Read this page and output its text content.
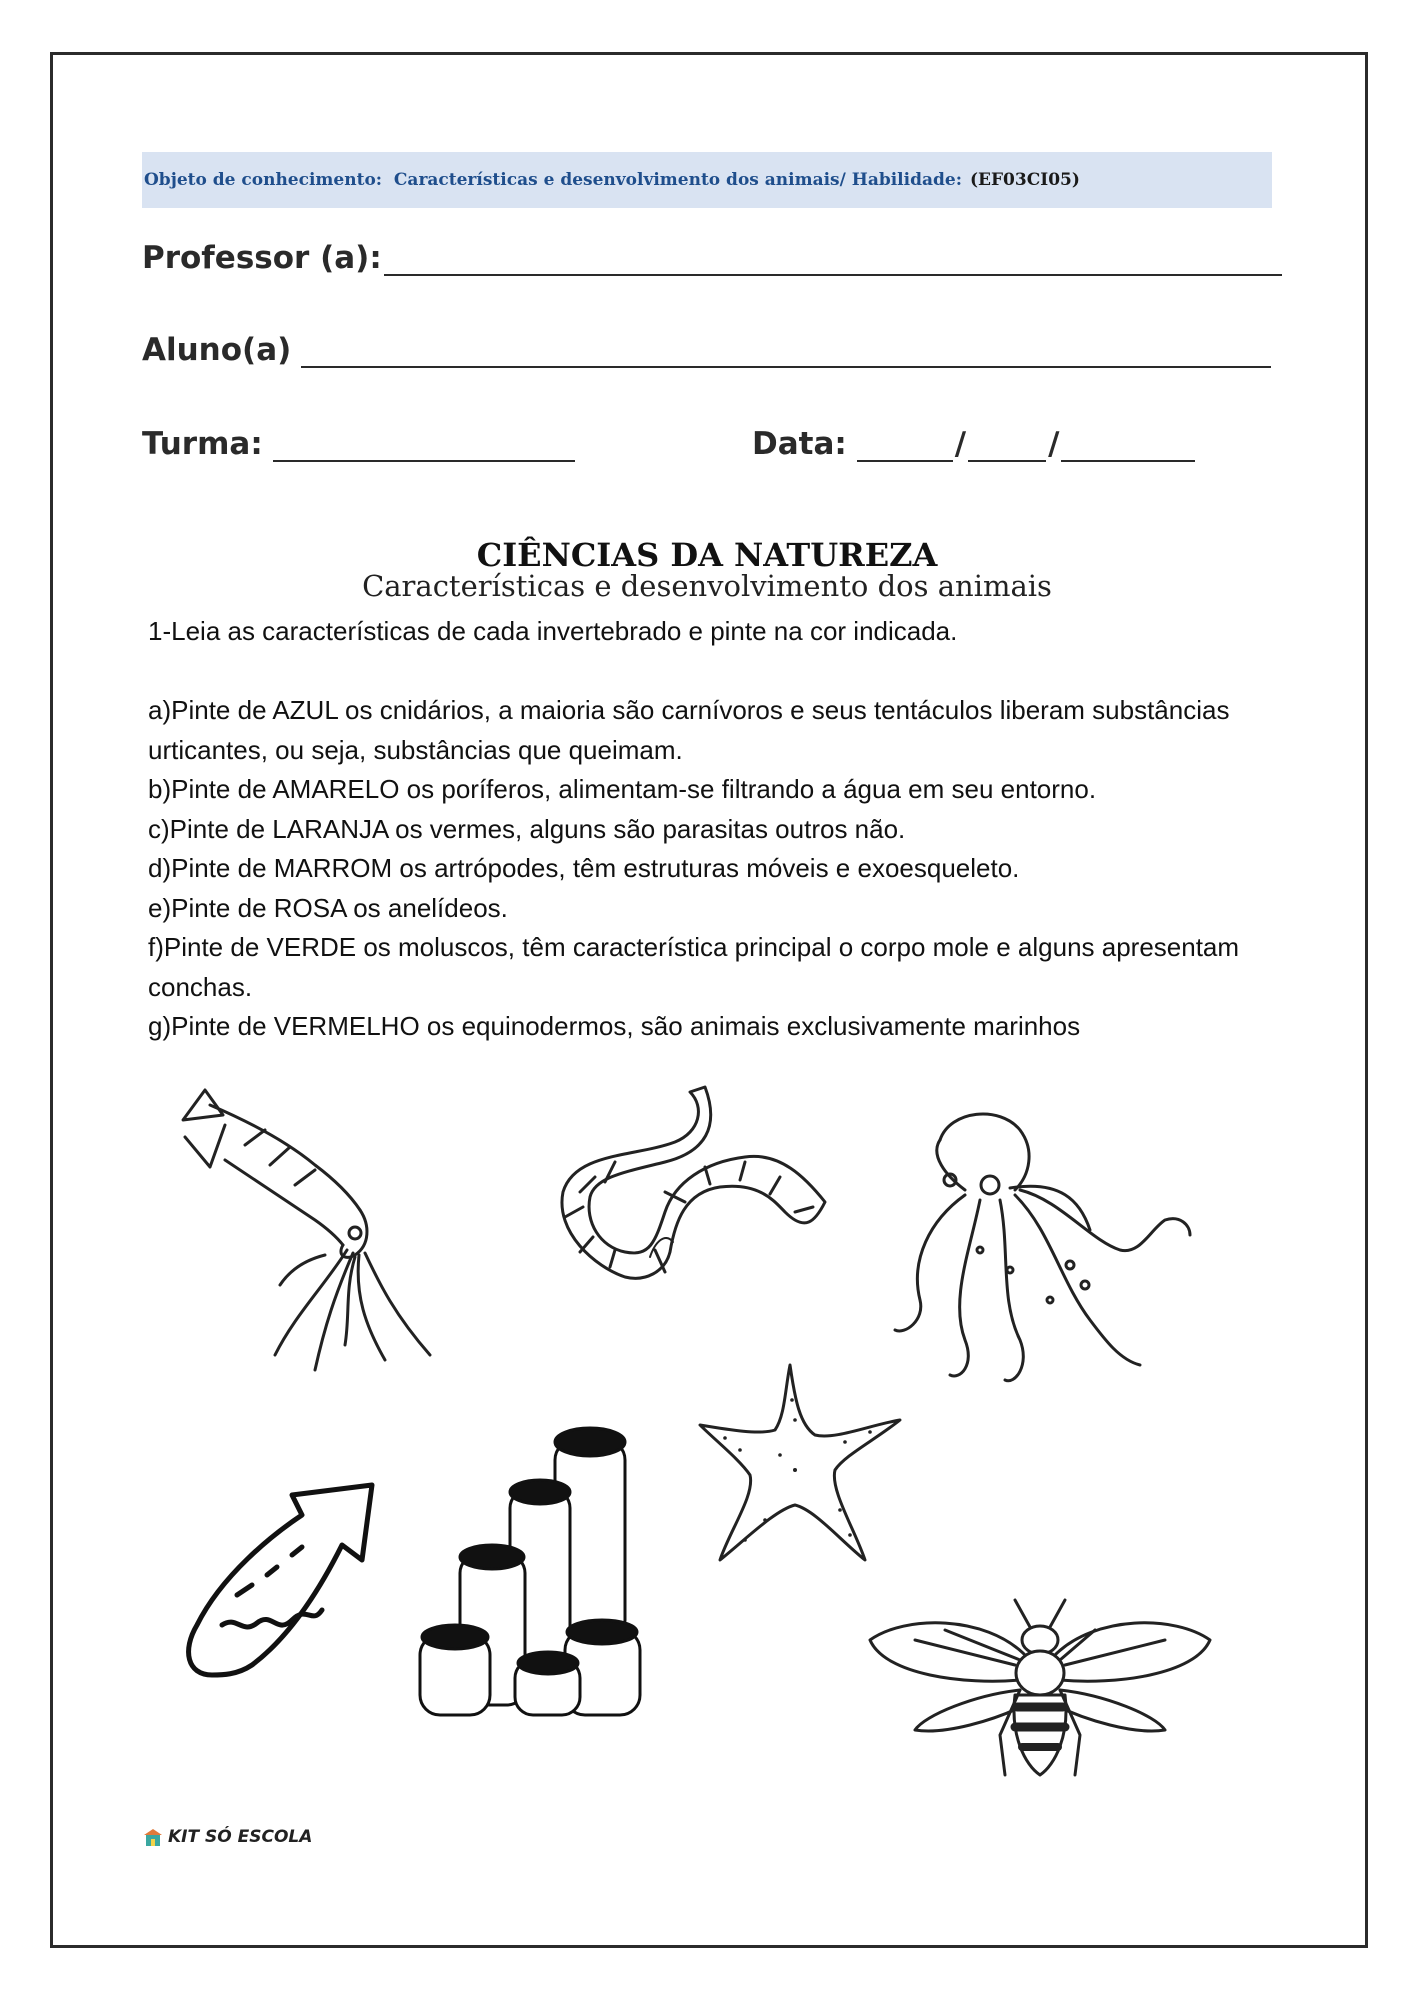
Objeto de conhecimento:  Características e desenvolvimento dos animais/ Habilidade: (EF03CI05)
Professor (a):
Aluno(a)
Turma:	Data:	/	/
CIÊNCIAS DA NATUREZA
Características e desenvolvimento dos animais

1-Leia as características de cada invertebrado e pinte na cor indicada.

a)Pinte de AZUL os cnidários, a maioria são carnívoros e seus tentáculos liberam substâncias urticantes, ou seja, substâncias que queimam.

b)Pinte de AMARELO os poríferos, alimentam-se filtrando a água em seu entorno.

c)Pinte de LARANJA os vermes, alguns são parasitas outros não.

d)Pinte de MARROM os artrópodes, têm estruturas móveis e exoesqueleto.

e)Pinte de ROSA os anelídeos.

f)Pinte de VERDE os moluscos, têm característica principal o corpo mole e alguns apresentam conchas.

g)Pinte de VERMELHO os equinodermos, são animais exclusivamente marinhos

KIT SÓ ESCOLA
